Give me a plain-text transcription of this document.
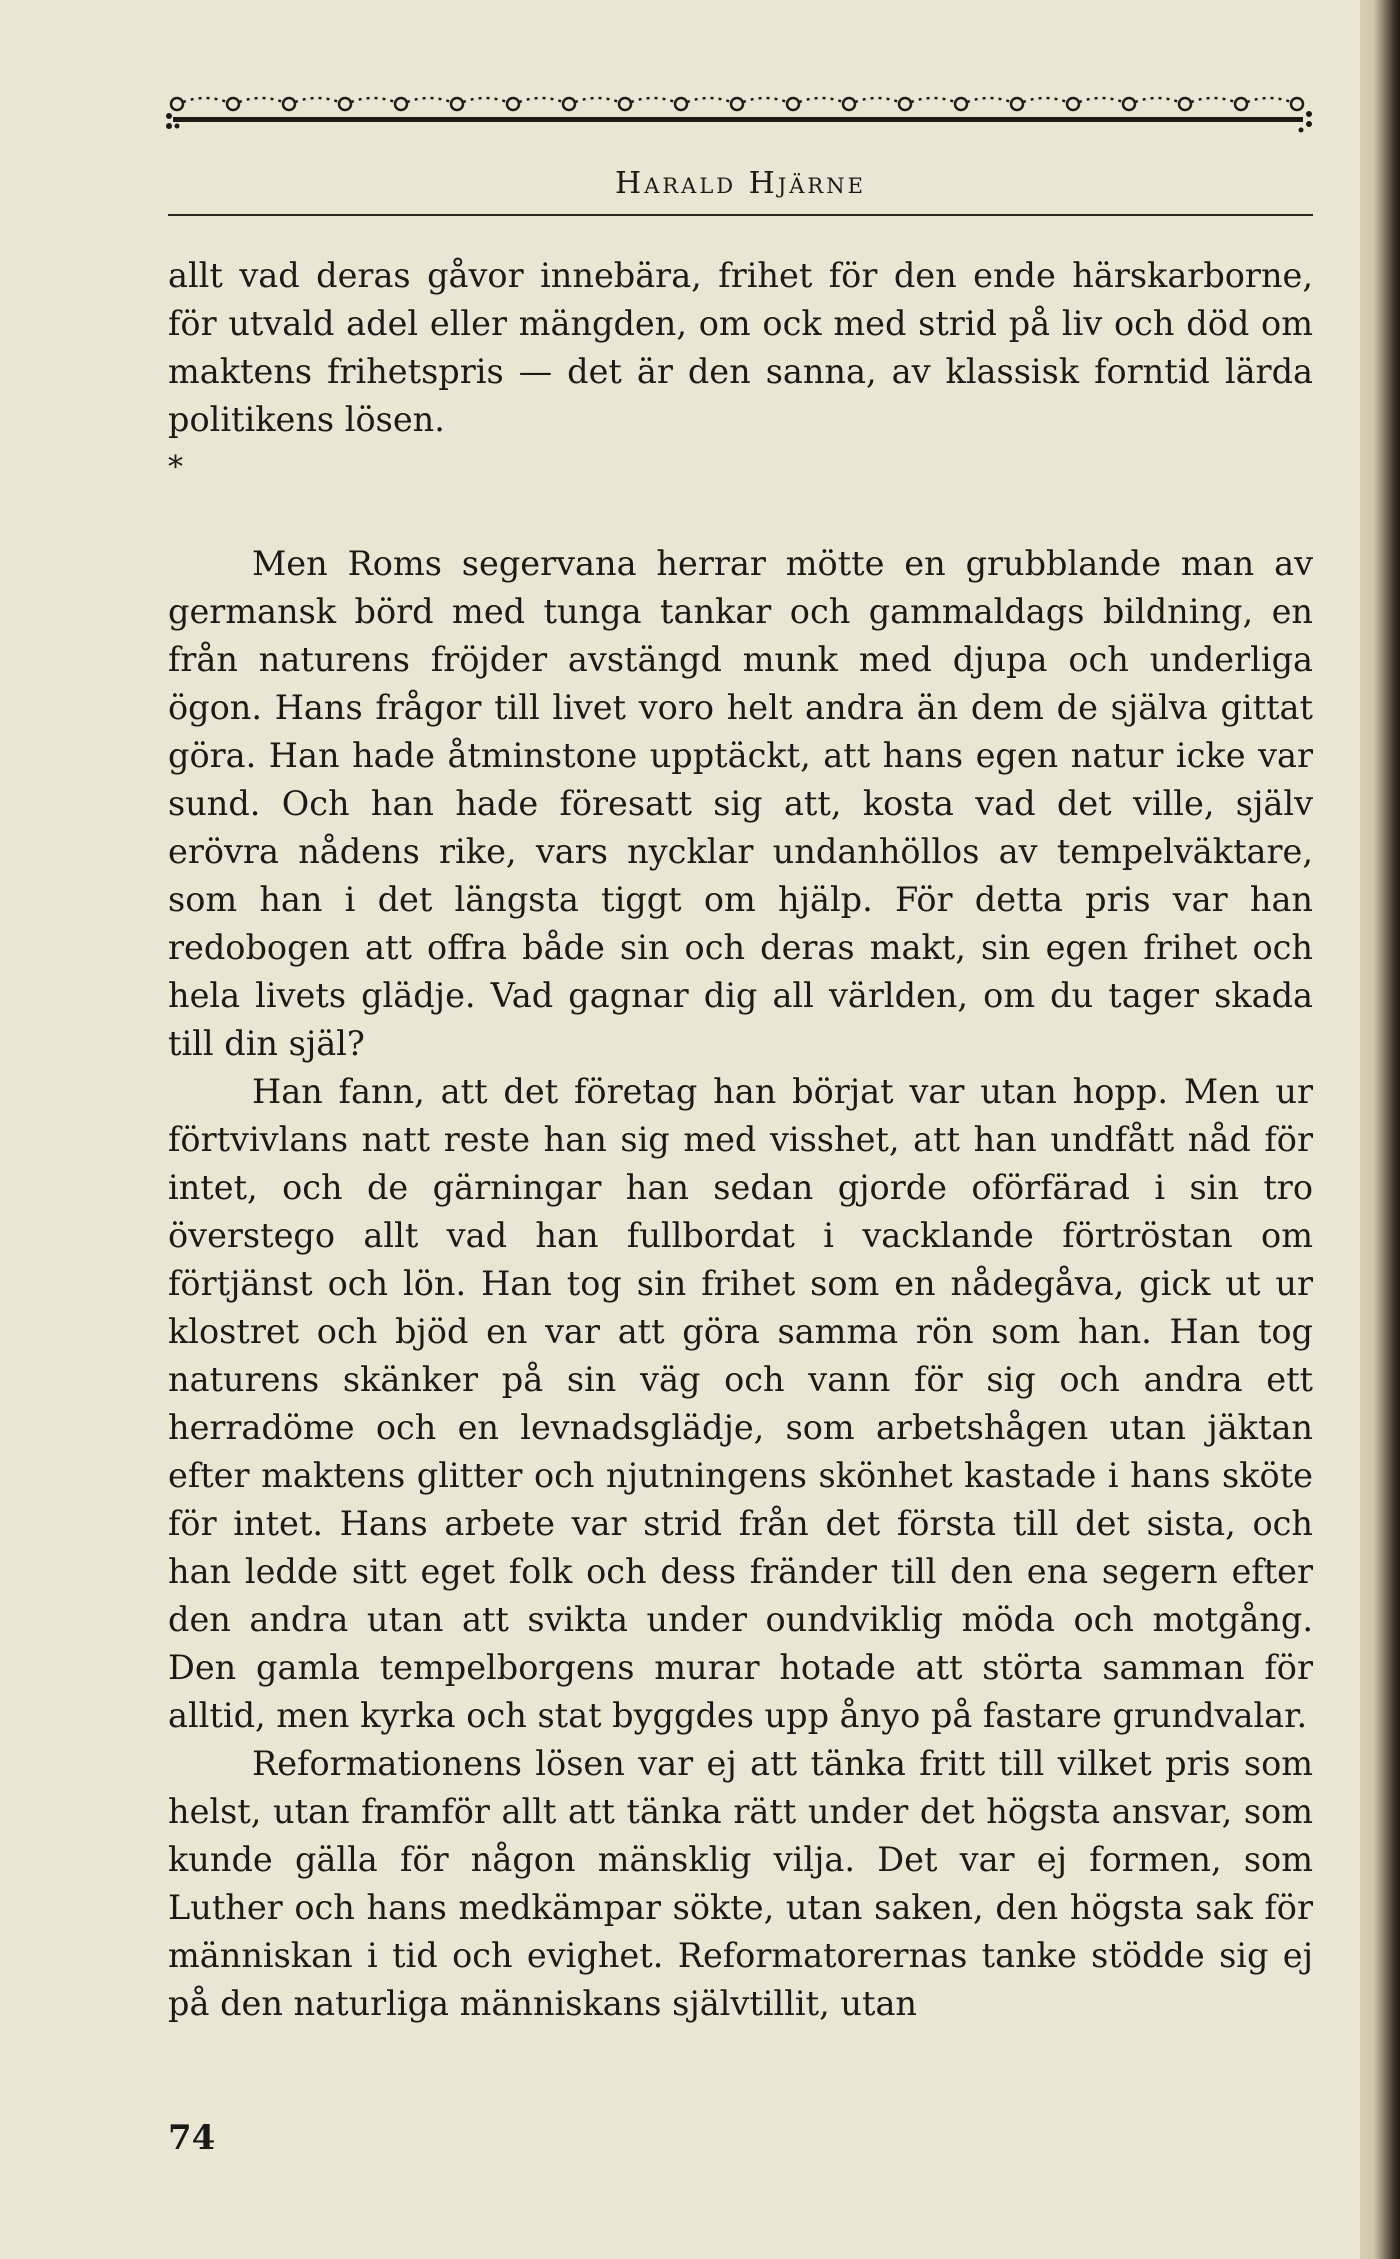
Harald Hjärne

allt vad deras gåvor innebära, frihet för den ende härskarborne, för utvald adel eller mängden, om ock med strid på liv och död om maktens frihetspris — det är den sanna, av klassisk forntid lärda politikens lösen.

*

Men Roms segervana herrar mötte en grubblande man av germansk börd med tunga tankar och gammaldags bildning, en från naturens fröjder avstängd munk med djupa och underliga ögon. Hans frågor till livet voro helt andra än dem de själva gittat göra. Han hade åtminstone upptäckt, att hans egen natur icke var sund. Och han hade föresatt sig att, kosta vad det ville, själv erövra nådens rike, vars nycklar undanhöllos av tempelväktare, som han i det längsta tiggt om hjälp. För detta pris var han redobogen att offra både sin och deras makt, sin egen frihet och hela livets glädje. Vad gagnar dig all världen, om du tager skada till din själ?

Han fann, att det företag han börjat var utan hopp. Men ur förtvivlans natt reste han sig med visshet, att han undfått nåd för intet, och de gärningar han sedan gjorde oförfärad i sin tro överstego allt vad han fullbordat i vacklande förtröstan om förtjänst och lön. Han tog sin frihet som en nådegåva, gick ut ur klostret och bjöd en var att göra samma rön som han. Han tog naturens skänker på sin väg och vann för sig och andra ett herradöme och en levnadsglädje, som arbetshågen utan jäktan efter maktens glitter och njutningens skönhet kastade i hans sköte för intet. Hans arbete var strid från det första till det sista, och han ledde sitt eget folk och dess fränder till den ena segern efter den andra utan att svikta under oundviklig möda och motgång. Den gamla tempelborgens murar hotade att störta samman för alltid, men kyrka och stat byggdes upp ånyo på fastare grundvalar.

Reformationens lösen var ej att tänka fritt till vilket pris som helst, utan framför allt att tänka rätt under det högsta ansvar, som kunde gälla för någon mänsklig vilja. Det var ej formen, som Luther och hans medkämpar sökte, utan saken, den högsta sak för människan i tid och evighet. Reformatorernas tanke stödde sig ej på den naturliga människans självtillit, utan

74
